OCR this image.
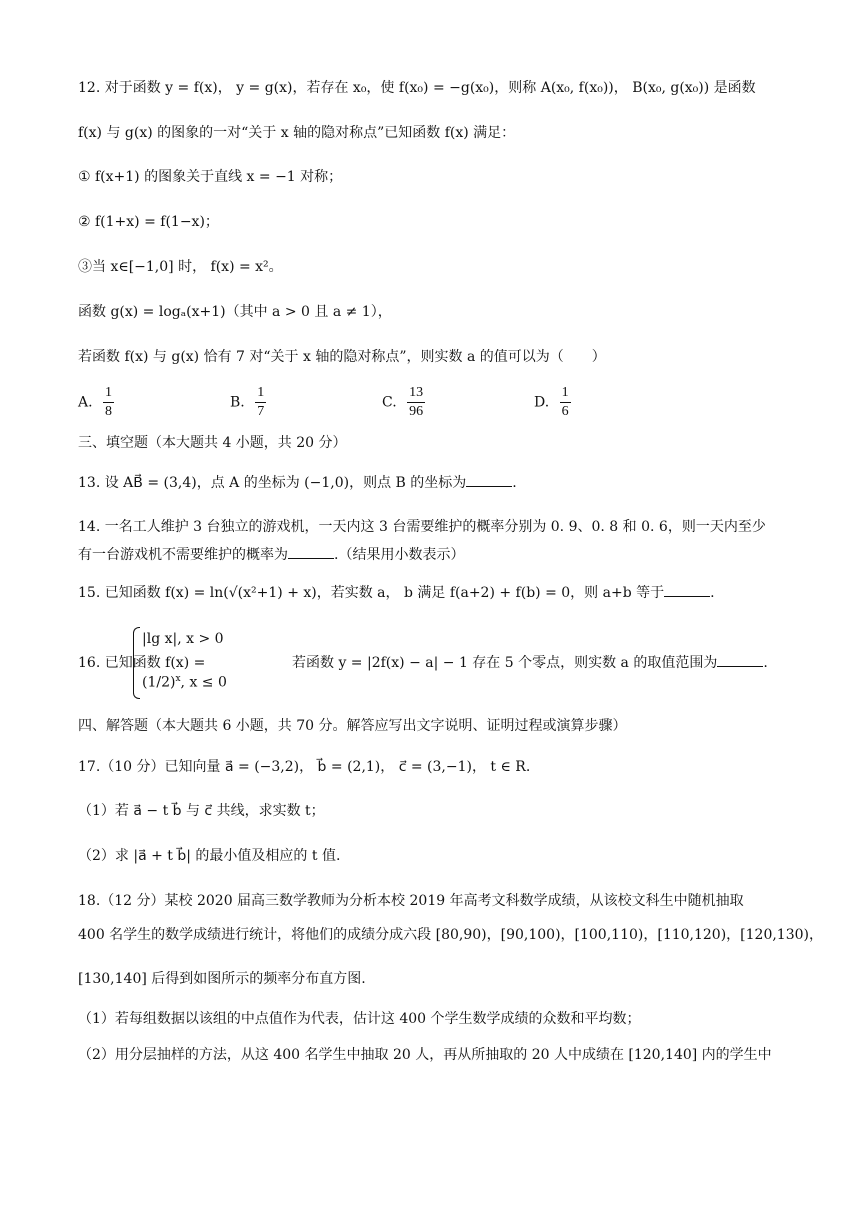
12. 对于函数 y = f(x)， y = g(x)，若存在 x₀，使 f(x₀) = −g(x₀)，则称 A(x₀, f(x₀))， B(x₀, g(x₀)) 是函数
f(x) 与 g(x) 的图象的一对“关于 x 轴的隐对称点”已知函数 f(x) 满足：
① f(x+1) 的图象关于直线 x = −1 对称；
② f(1+x) = f(1−x)；
③当 x∈[−1,0] 时， f(x) = x²。
函数 g(x) = logₐ(x+1)（其中 a > 0 且 a ≠ 1），
若函数 f(x) 与 g(x) 恰有 7 对“关于 x 轴的隐对称点”，则实数 a 的值可以为（　　）
A. $\frac{1}{8}$	B. $\frac{1}{7}$	C. $\frac{13}{96}$	D. $\frac{1}{6}$
三、填空题（本大题共 4 小题，共 20 分）
13. 设 AB⃗ = (3,4)，点 A 的坐标为 (−1,0)，则点 B 的坐标为	.
14. 一名工人维护 3 台独立的游戏机，一天内这 3 台需要维护的概率分别为 0. 9、0. 8 和 0. 6，则一天内至少
有一台游戏机不需要维护的概率为	.（结果用小数表示）
15. 已知函数 f(x) = ln(√(x²+1) + x)，若实数 a， b 满足 f(a+2) + f(b) = 0，则 a+b 等于	.
16. 已知函数 f(x) =
|lg x|, x > 0
$(1/2)^x$, x ≤ 0
若函数 y = |2f(x) − a| − 1 存在 5 个零点，则实数 a 的取值范围为	.
四、解答题（本大题共 6 小题，共 70 分。解答应写出文字说明、证明过程或演算步骤）
17.（10 分）已知向量 a⃗ = (−3,2)， b⃗ = (2,1)， c⃗ = (3,−1)， t ∈ R.
（1）若 a⃗ − t b⃗ 与 c⃗ 共线，求实数 t；
（2）求 |a⃗ + t b⃗| 的最小值及相应的 t 值.
18.（12 分）某校 2020 届高三数学教师为分析本校 2019 年高考文科数学成绩，从该校文科生中随机抽取
400 名学生的数学成绩进行统计，将他们的成绩分成六段 [80,90)，[90,100)，[100,110)，[110,120)，[120,130)，
[130,140] 后得到如图所示的频率分布直方图.
（1）若每组数据以该组的中点值作为代表，估计这 400 个学生数学成绩的众数和平均数；
（2）用分层抽样的方法，从这 400 名学生中抽取 20 人，再从所抽取的 20 人中成绩在 [120,140] 内的学生中
